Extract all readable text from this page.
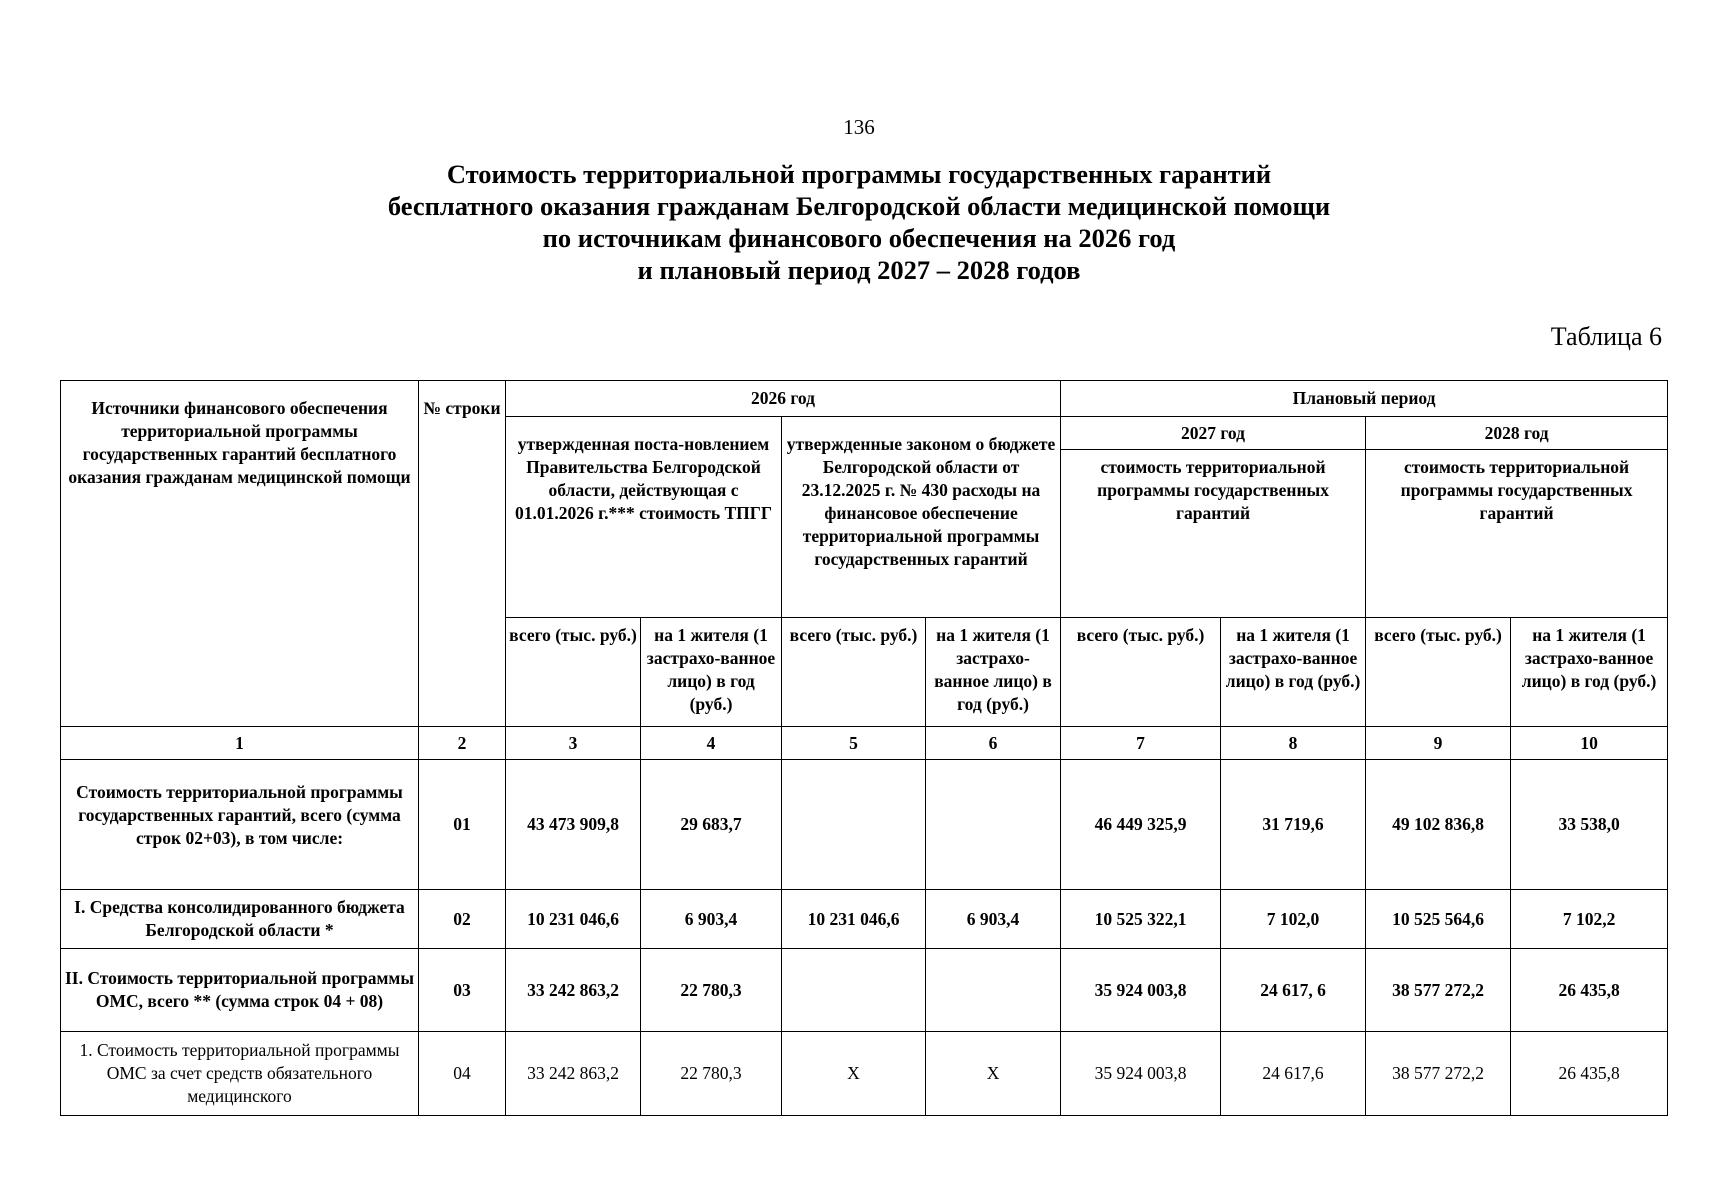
136
Стоимость территориальной программы государственных гарантий
бесплатного оказания гражданам Белгородской области медицинской помощи
по источникам финансового обеспечения на 2026 год
и плановый период 2027 – 2028 годов
Таблица 6
Источники финансового обеспечения территориальной программы государственных гарантий бесплатного оказания гражданам медицинской помощи	№ строки	2026 год				Плановый период			
		утвержденная поста-новлением Правительства Белгородской области, действующая с 01.01.2026 г.*** стоимость ТПГГ		утвержденные законом о бюджете Белгородской области от 23.12.2025 г. № 430 расходы на финансовое обеспечение территориальной программы государственных гарантий		2027 год		2028 год	
						стоимость территориальной программы государственных гарантий		стоимость территориальной программы государственных гарантий	
		всего (тыс. руб.)	на 1 жителя (1 застрахо-ванное лицо) в год (руб.)	всего (тыс. руб.)	на 1 жителя (1 застрахо-ванное лицо) в год (руб.)	всего (тыс. руб.)	на 1 жителя (1 застрахо-ванное лицо) в год (руб.)	всего (тыс. руб.)	на 1 жителя (1 застрахо-ванное лицо) в год (руб.)
1	2	3	4	5	6	7	8	9	10
Стоимость территориальной программы государственных гарантий, всего (сумма строк 02+03), в том числе:	01	43 473 909,8	29 683,7			46 449 325,9	31 719,6	49 102 836,8	33 538,0
I. Средства консолидированного бюджета Белгородской области *	02	10 231 046,6	6 903,4	10 231 046,6	6 903,4	10 525 322,1	7 102,0	10 525 564,6	7 102,2
II. Стоимость территориальной программы ОМС, всего ** (сумма строк 04 + 08)	03	33 242 863,2	22 780,3			35 924 003,8	24 617, 6	38 577 272,2	26 435,8
1. Стоимость территориальной программы ОМС за счет средств обязательного медицинского	04	33 242 863,2	22 780,3	X	X	35 924 003,8	24 617,6	38 577 272,2	26 435,8
